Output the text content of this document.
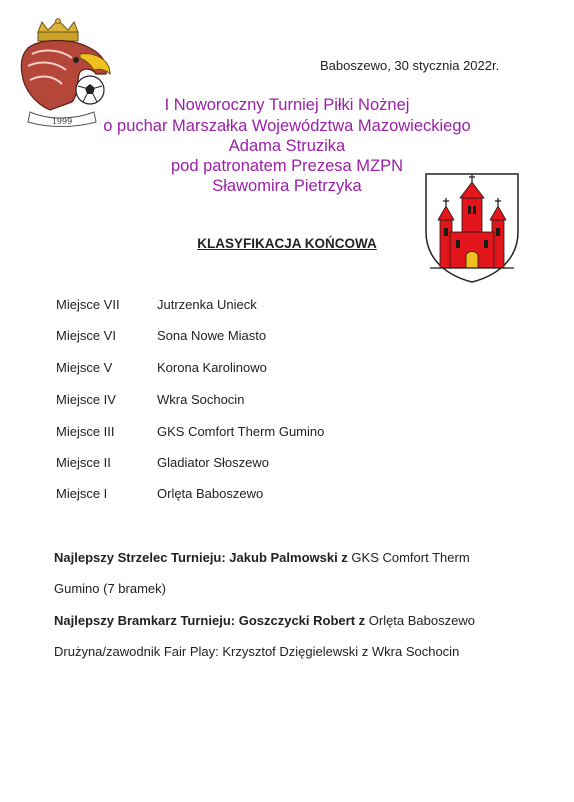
1999
Baboszewo, 30 stycznia 2022r.
I Noworoczny Turniej Piłki Nożnej
o puchar Marszałka Województwa Mazowieckiego
Adama Struzika
pod patronatem Prezesa MZPN
Sławomira Pietrzyka
KLASYFIKACJA KOŃCOWA
Miejsce VII	Jutrzenka Unieck
Miejsce VI	Sona Nowe Miasto
Miejsce V	Korona Karolinowo
Miejsce IV	Wkra Sochocin
Miejsce III	GKS Comfort Therm Gumino
Miejsce II	Gladiator Słoszewo
Miejsce I	Orlęta Baboszewo
Najlepszy Strzelec Turnieju: Jakub Palmowski z GKS Comfort Therm
Gumino (7 bramek)
Najlepszy Bramkarz Turnieju: Goszczycki Robert z Orlęta Baboszewo
Drużyna/zawodnik Fair Play: Krzysztof Dzięgielewski z Wkra Sochocin
